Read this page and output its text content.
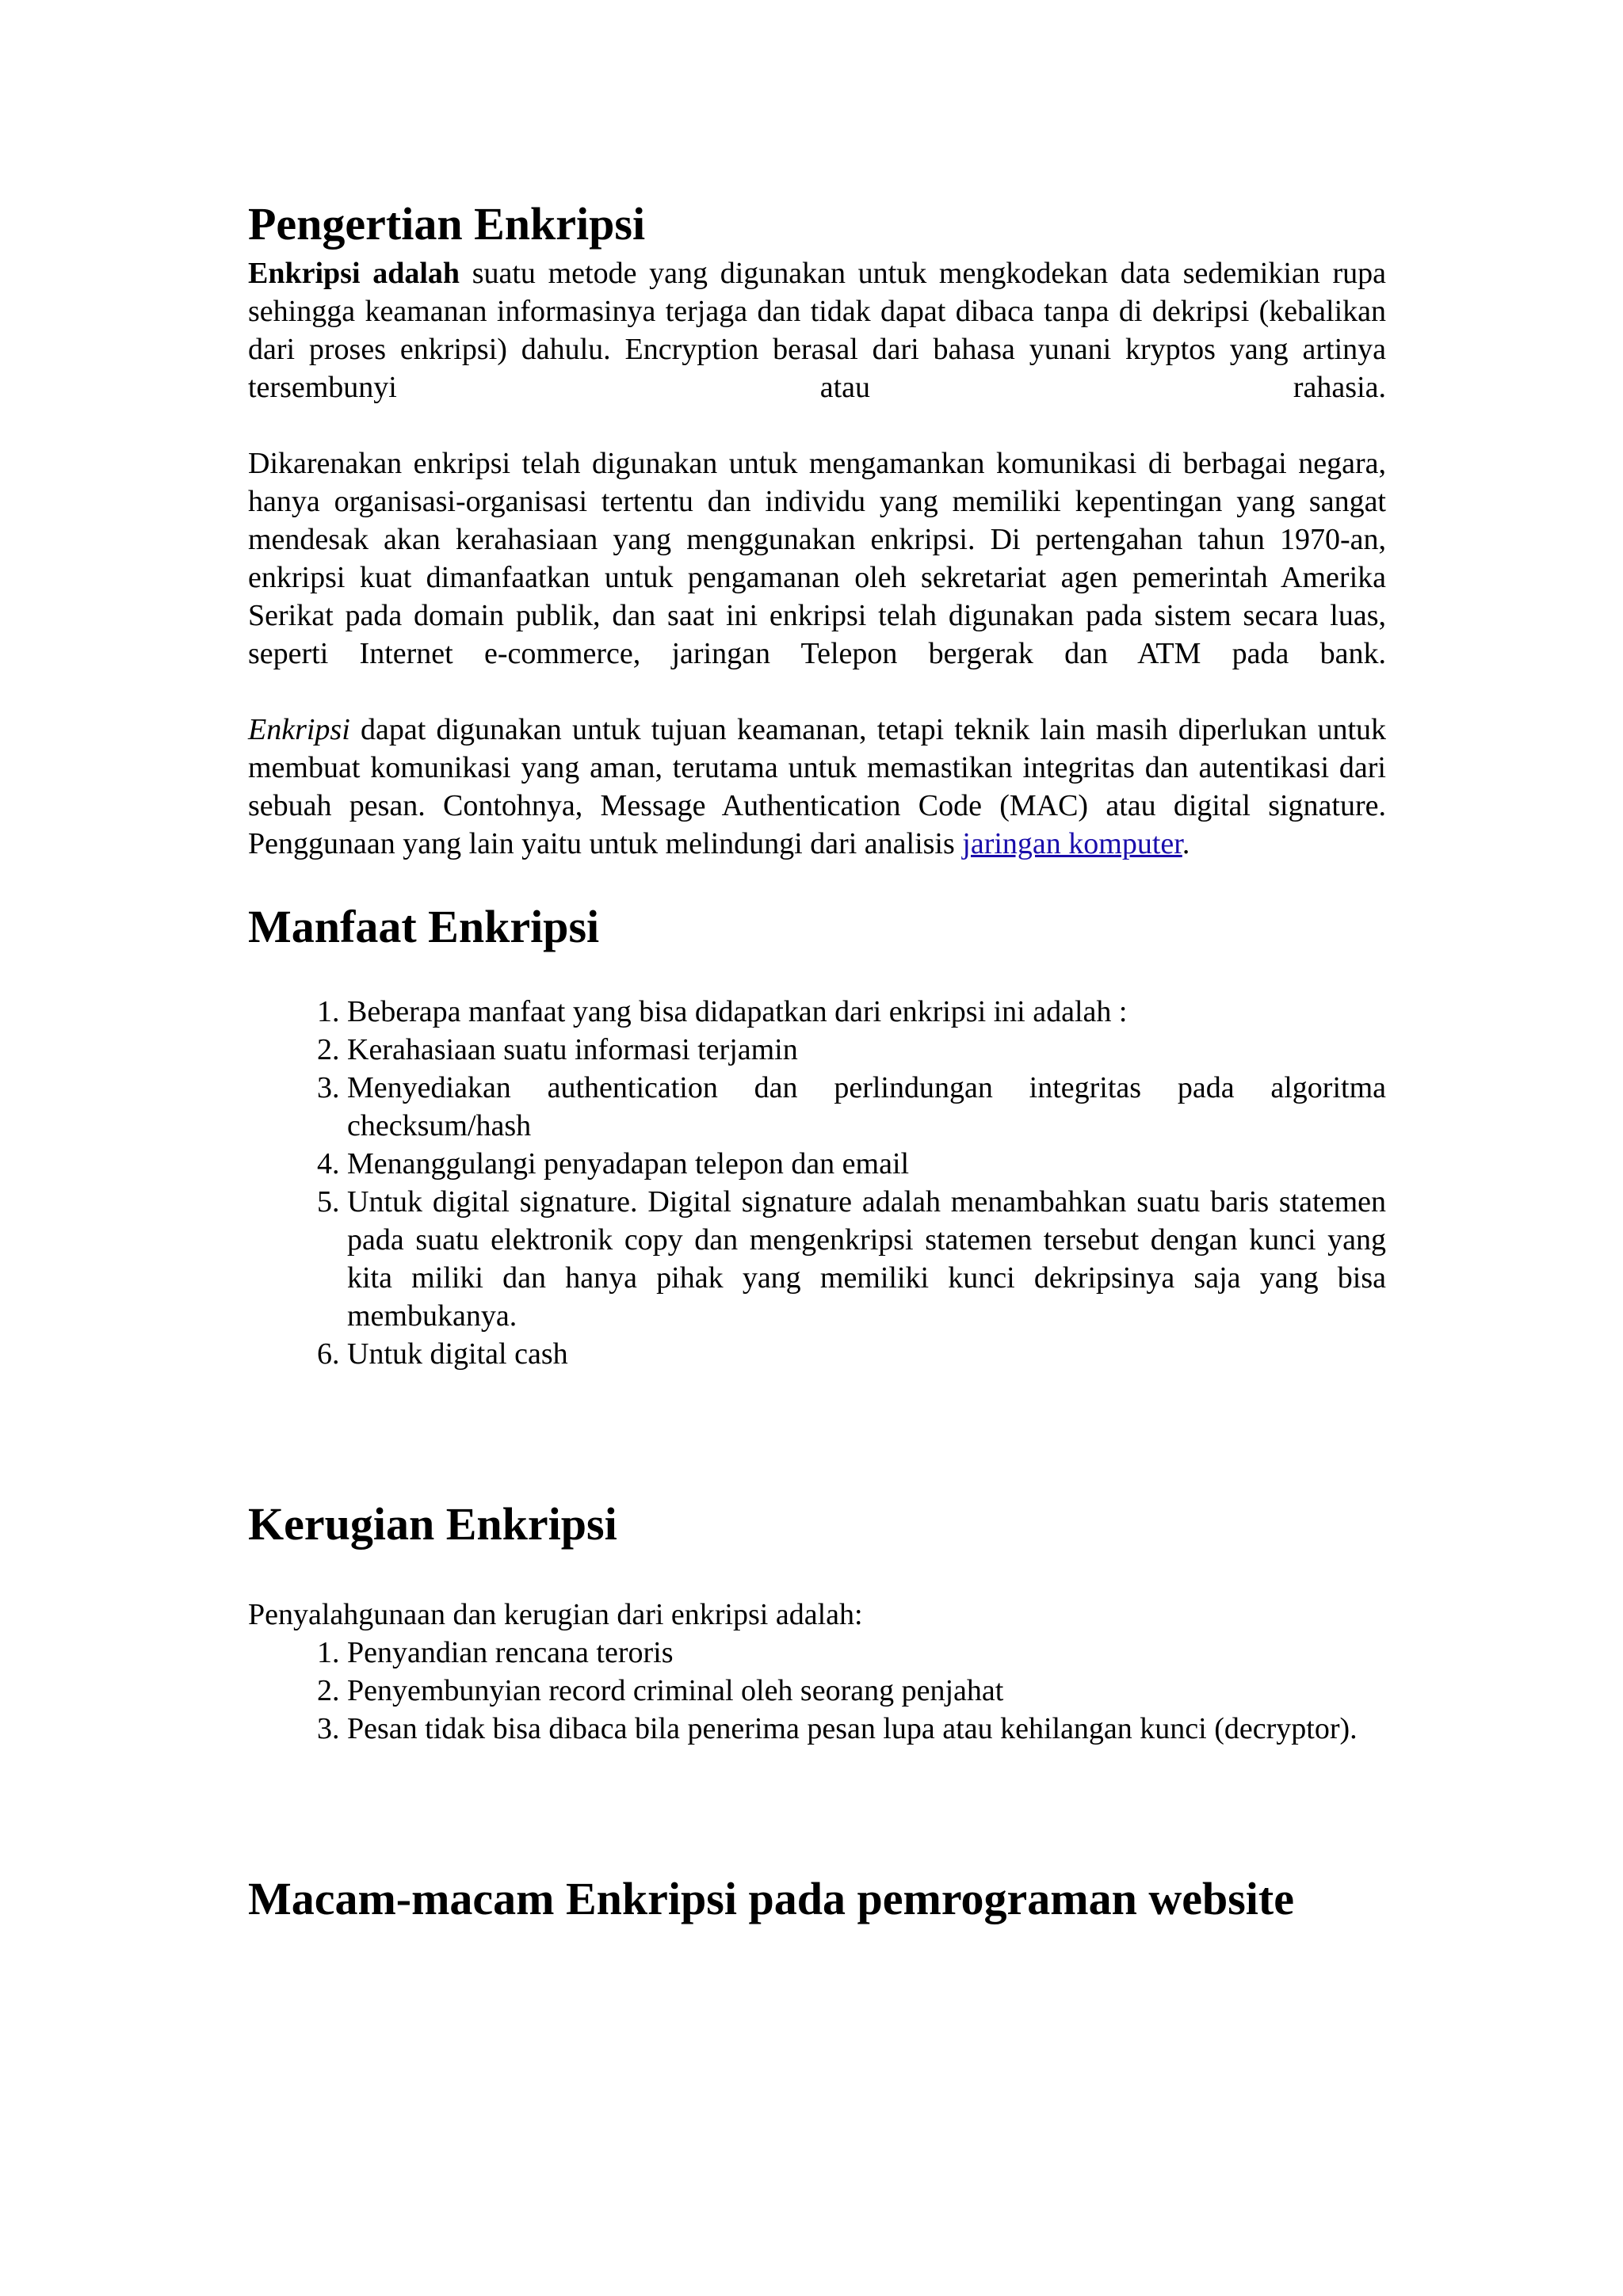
Pengertian Enkripsi

Enkripsi adalah suatu metode yang digunakan untuk mengkodekan data sedemikian rupa sehingga keamanan informasinya terjaga dan tidak dapat dibaca tanpa di dekripsi (kebalikan dari proses enkripsi) dahulu. Encryption berasal dari bahasa yunani kryptos yang artinya tersembunyi atau rahasia.

Dikarenakan enkripsi telah digunakan untuk mengamankan komunikasi di berbagai negara, hanya organisasi-organisasi tertentu dan individu yang memiliki kepentingan yang sangat mendesak akan kerahasiaan yang menggunakan enkripsi. Di pertengahan tahun 1970-an, enkripsi kuat dimanfaatkan untuk pengamanan oleh sekretariat agen pemerintah Amerika Serikat pada domain publik, dan saat ini enkripsi telah digunakan pada sistem secara luas, seperti Internet e-commerce, jaringan Telepon bergerak dan ATM pada bank.

Enkripsi dapat digunakan untuk tujuan keamanan, tetapi teknik lain masih diperlukan untuk membuat komunikasi yang aman, terutama untuk memastikan integritas dan autentikasi dari sebuah pesan. Contohnya, Message Authentication Code (MAC) atau digital signature. Penggunaan yang lain yaitu untuk melindungi dari analisis jaringan komputer.

Manfaat Enkripsi
1. Beberapa manfaat yang bisa didapatkan dari enkripsi ini adalah :
2. Kerahasiaan suatu informasi terjamin
3. Menyediakan authentication dan perlindungan integritas pada algoritma checksum/hash
4. Menanggulangi penyadapan telepon dan email
5. Untuk digital signature. Digital signature adalah menambahkan suatu baris statemen pada suatu elektronik copy dan mengenkripsi statemen tersebut dengan kunci yang kita miliki dan hanya pihak yang memiliki kunci dekripsinya saja yang bisa membukanya.
6. Untuk digital cash
Kerugian Enkripsi

Penyalahgunaan dan kerugian dari enkripsi adalah:

1. Penyandian rencana teroris
2. Penyembunyian record criminal oleh seorang penjahat
3. Pesan tidak bisa dibaca bila penerima pesan lupa atau kehilangan kunci (decryptor).
Macam-macam Enkripsi pada pemrograman website
